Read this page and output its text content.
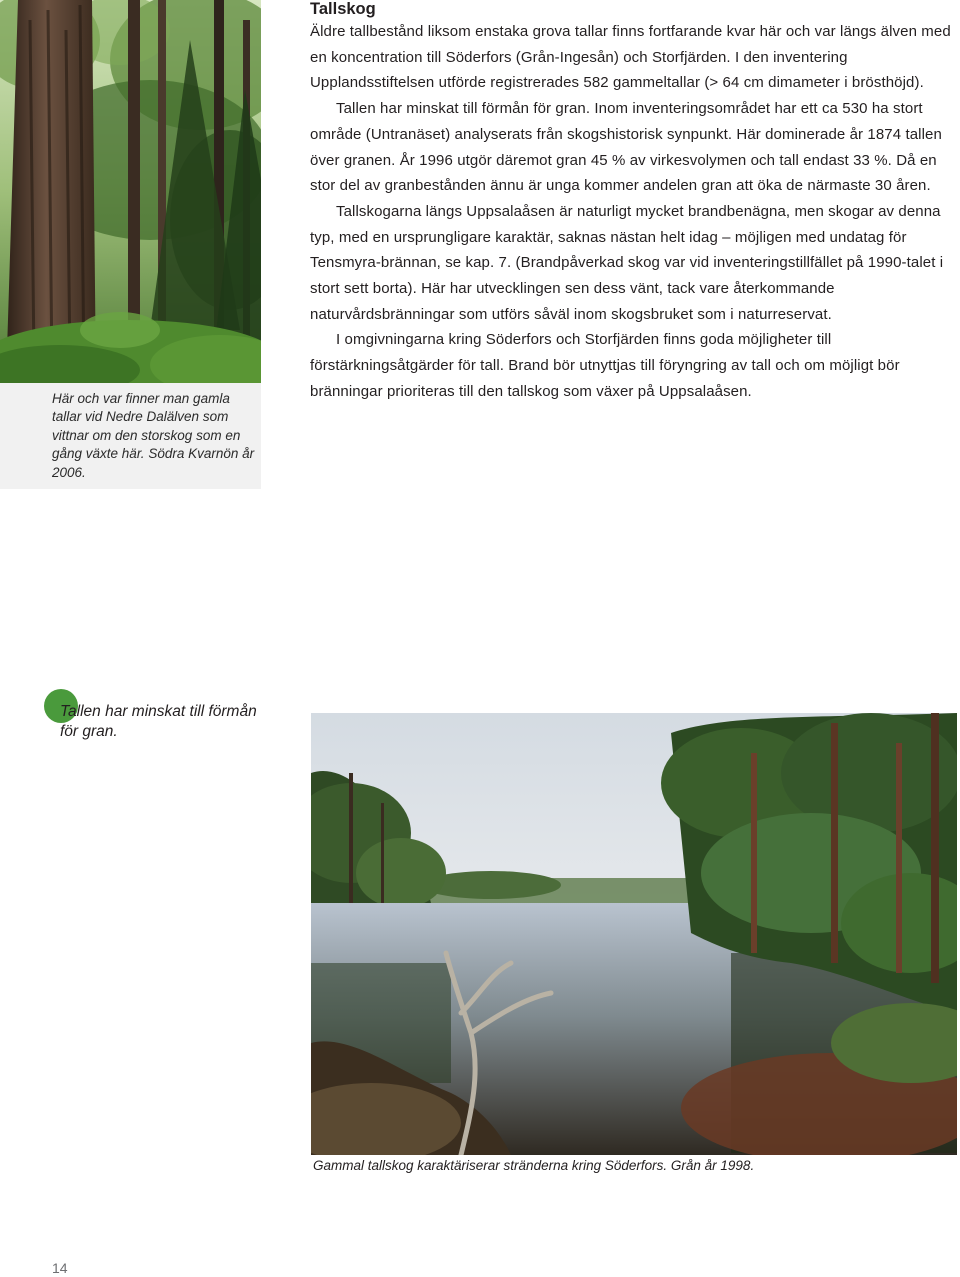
Här och var finner man gamla tallar vid Nedre Dalälven som vittnar om den storskog som en gång växte här. Södra Kvarnön år 2006.

Tallskog

Äldre tallbestånd liksom enstaka grova tallar finns fortfarande kvar här och var längs älven med en koncentration till Söderfors (Grån-Ingesån) och Storfjärden. I den inventering Upplandsstiftelsen utförde registrerades 582 gammeltallar (> 64 cm dimameter i brösthöjd).

Tallen har minskat till förmån för gran. Inom inventeringsområdet har ett ca 530 ha stort område (Untranäset) analyserats från skogshistorisk synpunkt. Här dominerade år 1874 tallen över granen. År 1996 utgör däremot gran 45 % av virkesvolymen och tall endast 33 %. Då en stor del av granbestånden ännu är unga kommer andelen gran att öka de närmaste 30 åren.

Tallskogarna längs Uppsalaåsen är naturligt mycket brandbenägna, men skogar av denna typ, med en ursprungligare karaktär, saknas nästan helt idag – möjligen med undatag för Tensmyra-brännan, se kap. 7. (Brandpåverkad skog var vid inventeringstillfället på 1990-talet i stort sett borta). Här har utvecklingen sen dess vänt, tack vare återkommande naturvårdsbränningar som utförs såväl inom skogsbruket som i naturreservat.

I omgivningarna kring Söderfors och Storfjärden finns goda möjligheter till förstärkningsåtgärder för tall. Brand bör utnyttjas till föryngring av tall och om möjligt bör bränningar prioriteras till den tallskog som växer på Uppsalaåsen.

Tallen har minskat till förmån för gran.

Gammal tallskog karaktäriserar stränderna kring Söderfors. Grån år 1998.

14
